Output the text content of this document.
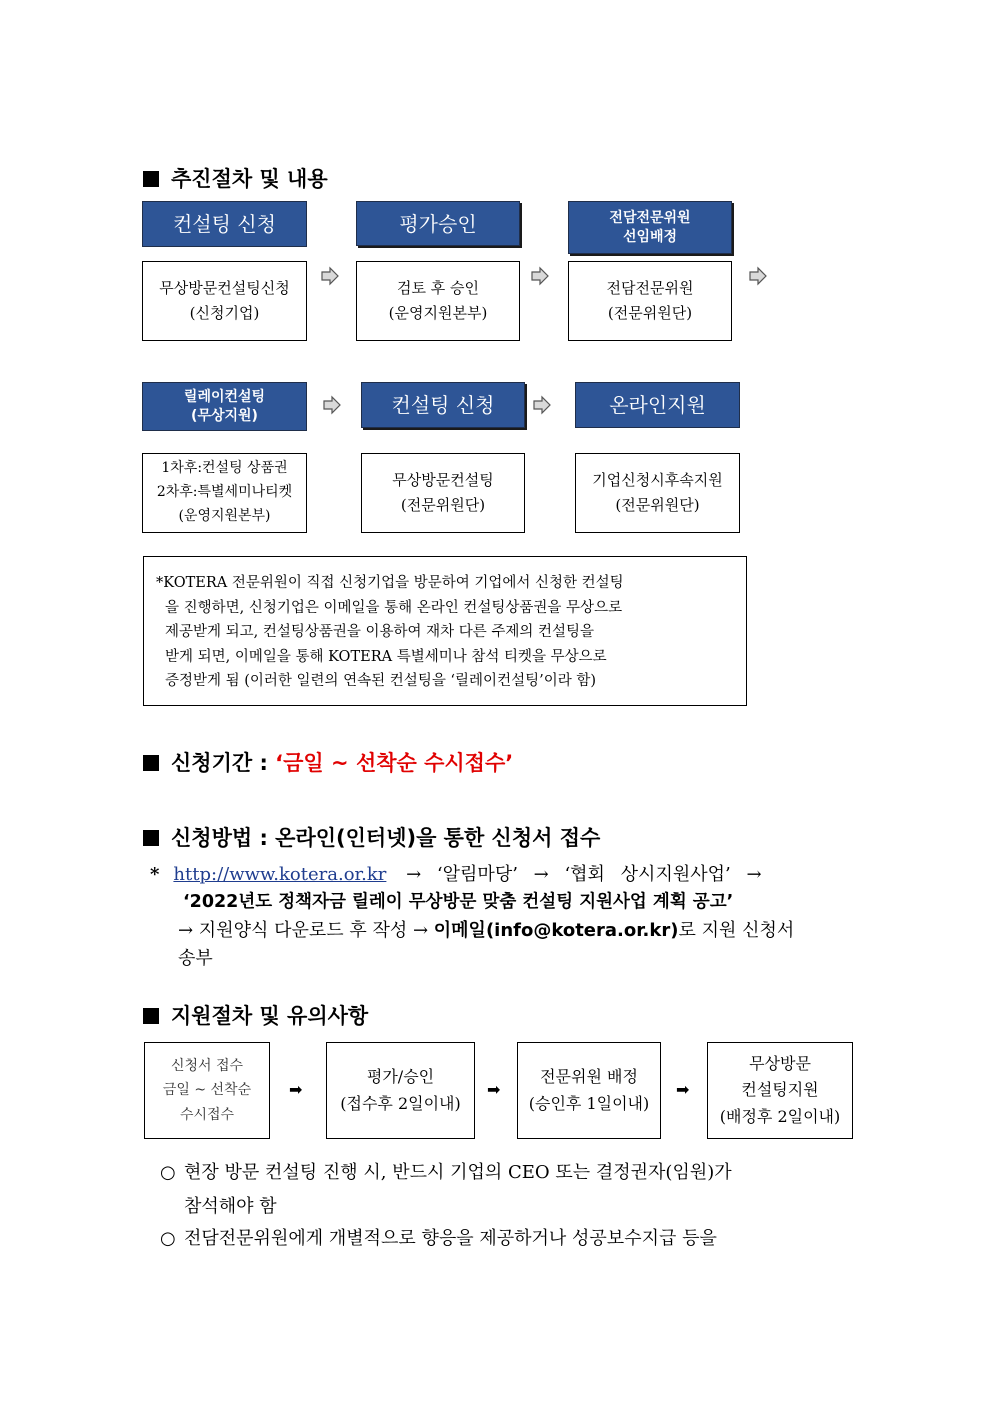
추진절차 및 내용
컨설팅 신청	평가승인	전담전문위원
선임배정
무상방문컨설팅신청
(신청기업)
검토 후 승인
(운영지원본부)
전담전문위원
(전문위원단)
릴레이컨설팅
(무상지원)	컨설팅 신청	온라인지원
1차후:컨설팅 상품권
2차후:특별세미나티켓
(운영지원본부)
무상방문컨설팅
(전문위원단)
기업신청시후속지원
(전문위원단)
*KOTERA 전문위원이 직접 신청기업을 방문하여 기업에서 신청한 컨설팅
을 진행하면, 신청기업은 이메일을 통해 온라인 컨설팅상품권을 무상으로
제공받게 되고, 컨설팅상품권을 이용하여 재차 다른 주제의 컨설팅을
받게 되면, 이메일을 통해 KOTERA 특별세미나 참석 티켓을 무상으로
증정받게 됨 (이러한 일련의 연속된 컨설팅을 ‘릴레이컨설팅’이라 함)
신청기간 : ‘금일 ~ 선착순 수시접수’
신청방법 : 온라인(인터넷)을 통한 신청서 접수
* http://www.kotera.or.kr → ‘알림마당’ → ‘협회 상시지원사업’ →
‘2022년도 정책자금 릴레이 무상방문 맞춤 컨설팅 지원사업 계획 공고’
→ 지원양식 다운로드 후 작성 → 이메일(info@kotera.or.kr)로 지원 신청서
송부
지원절차 및 유의사항
신청서 접수
금일 ~ 선착순
수시접수
➡
평가/승인
(접수후 2일이내)
➡
전문위원 배정
(승인후 1일이내)
➡
무상방문
컨설팅지원
(배정후 2일이내)
○ 현장 방문 컨설팅 진행 시, 반드시 기업의 CEO 또는 결정권자(임원)가
참석해야 함
○ 전담전문위원에게 개별적으로 향응을 제공하거나 성공보수지급 등을
